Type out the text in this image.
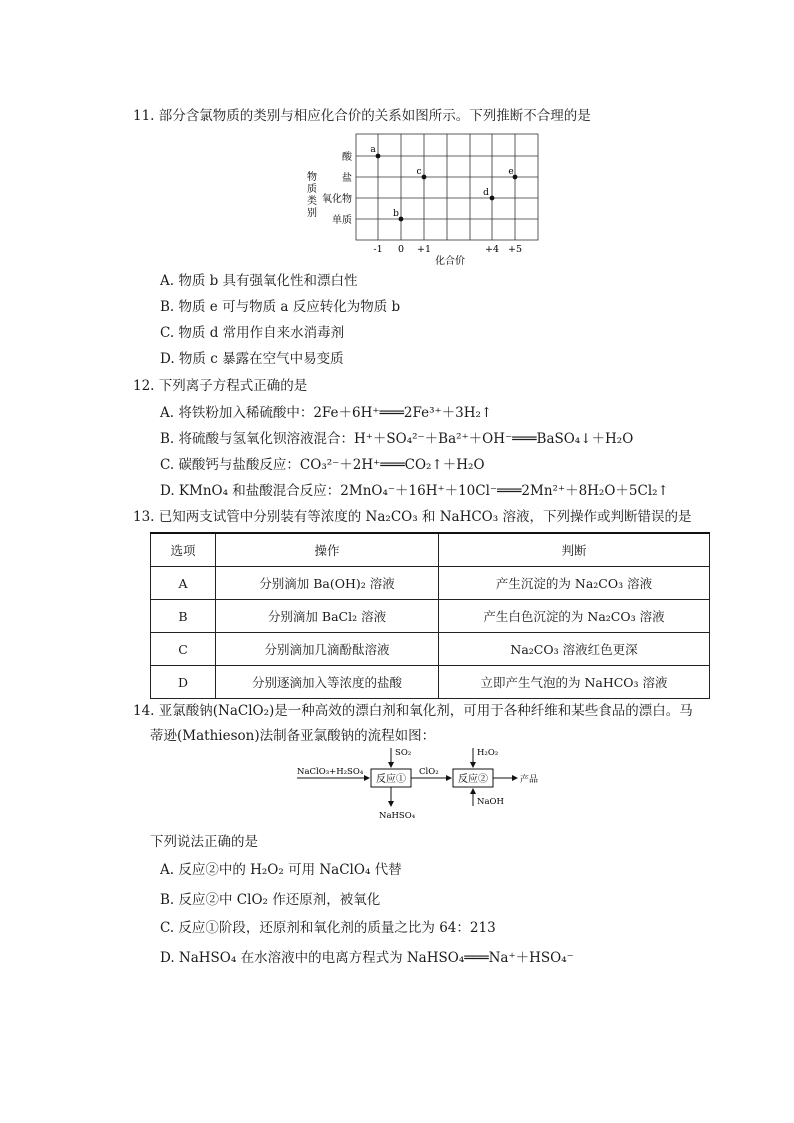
11. 部分含氯物质的类别与相应化合价的关系如图所示。下列推断不合理的是
物
质
类
别
酸
盐
氧化物
单质
-1 0 +1	+4 +5
化合价
a
b
c
d
e
A. 物质 b 具有强氧化性和漂白性
B. 物质 e 可与物质 a 反应转化为物质 b
C. 物质 d 常用作自来水消毒剂
D. 物质 c 暴露在空气中易变质
12. 下列离子方程式正确的是
A. 将铁粉加入稀硫酸中：2Fe＋6H⁺═══2Fe³⁺＋3H₂↑
B. 将硫酸与氢氧化钡溶液混合：H⁺＋SO₄²⁻＋Ba²⁺＋OH⁻═══BaSO₄↓＋H₂O
C. 碳酸钙与盐酸反应：CO₃²⁻＋2H⁺═══CO₂↑＋H₂O
D. KMnO₄ 和盐酸混合反应：2MnO₄⁻＋16H⁺＋10Cl⁻═══2Mn²⁺＋8H₂O＋5Cl₂↑
13. 已知两支试管中分别装有等浓度的 Na₂CO₃ 和 NaHCO₃ 溶液，下列操作或判断错误的是
选项	操作	判断
A	分别滴加 Ba(OH)₂ 溶液	产生沉淀的为 Na₂CO₃ 溶液
B	分别滴加 BaCl₂ 溶液	产生白色沉淀的为 Na₂CO₃ 溶液
C	分别滴加几滴酚酞溶液	Na₂CO₃ 溶液红色更深
D	分别逐滴加入等浓度的盐酸	立即产生气泡的为 NaHCO₃ 溶液
14. 亚氯酸钠(NaClO₂)是一种高效的漂白剂和氧化剂，可用于各种纤维和某些食品的漂白。马
蒂逊(Mathieson)法制备亚氯酸钠的流程如图：
NaClO₃+H₂SO₄
反应①
SO₂
NaHSO₄
ClO₂
反应②
H₂O₂
NaOH
产品
下列说法正确的是
A. 反应②中的 H₂O₂ 可用 NaClO₄ 代替
B. 反应②中 ClO₂ 作还原剂，被氧化
C. 反应①阶段，还原剂和氧化剂的质量之比为 64：213
D. NaHSO₄ 在水溶液中的电离方程式为 NaHSO₄═══Na⁺＋HSO₄⁻
